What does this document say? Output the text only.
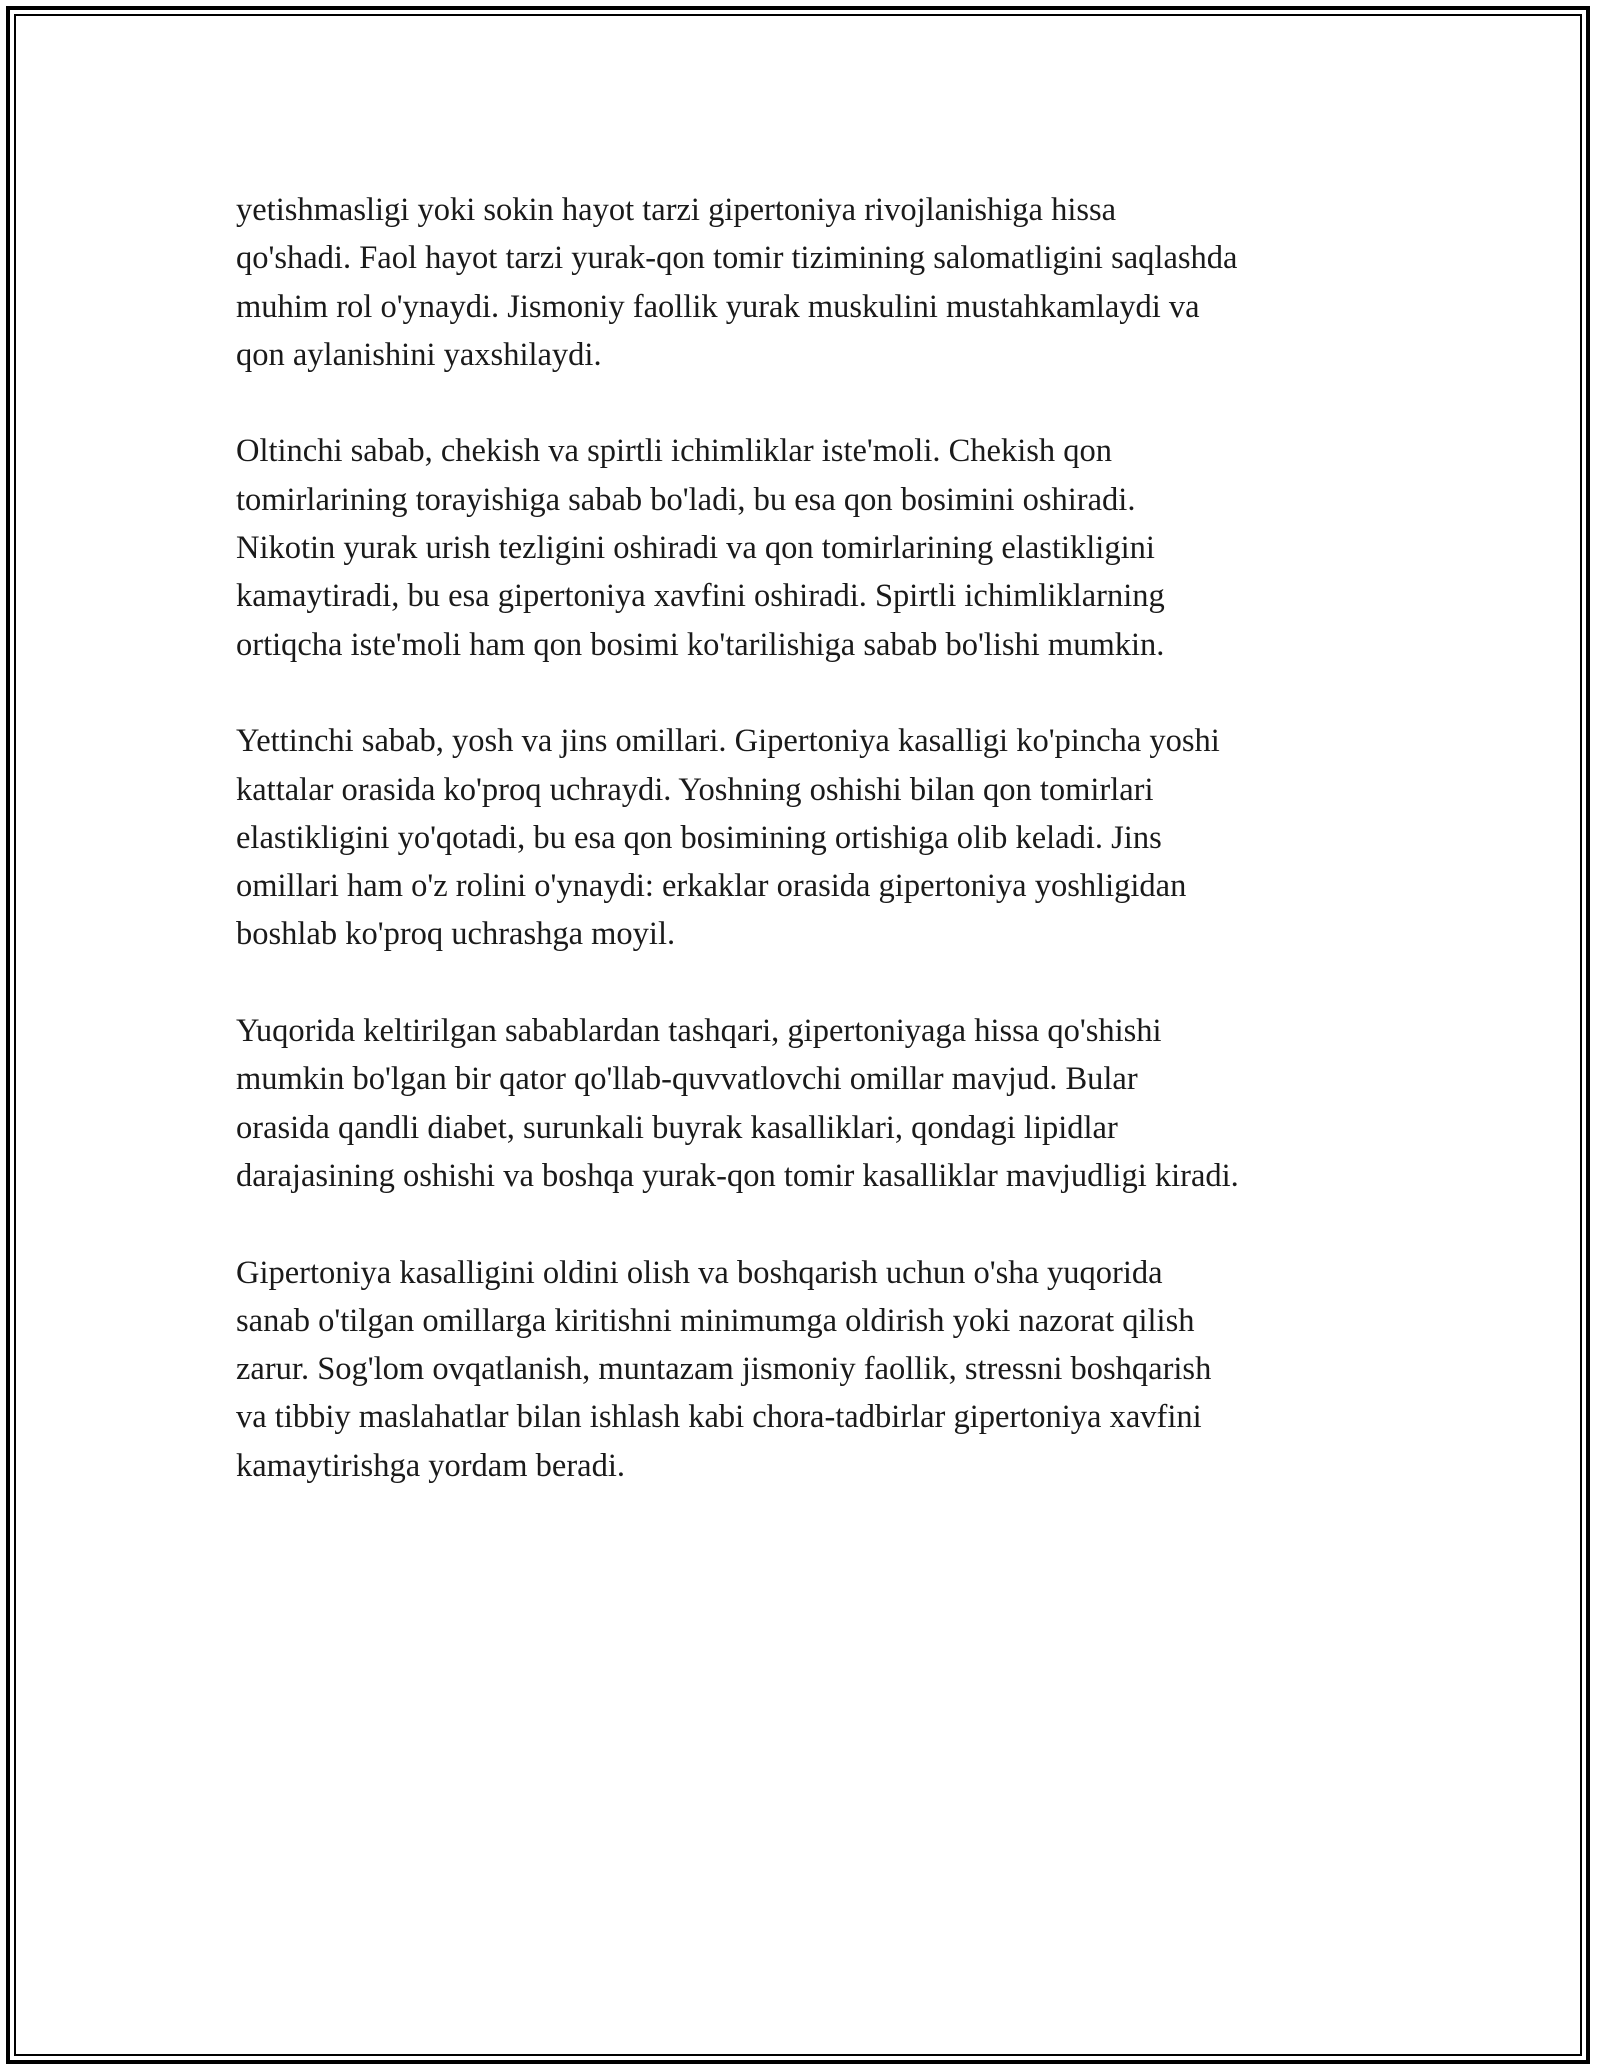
yetishmasligi yoki sokin hayot tarzi gipertoniya rivojlanishiga hissa
qo'shadi. Faol hayot tarzi yurak-qon tomir tizimining salomatligini saqlashda
muhim rol o'ynaydi. Jismoniy faollik yurak muskulini mustahkamlaydi va
qon aylanishini yaxshilaydi.

Oltinchi sabab, chekish va spirtli ichimliklar iste'moli. Chekish qon
tomirlarining torayishiga sabab bo'ladi, bu esa qon bosimini oshiradi.
Nikotin yurak urish tezligini oshiradi va qon tomirlarining elastikligini
kamaytiradi, bu esa gipertoniya xavfini oshiradi. Spirtli ichimliklarning
ortiqcha iste'moli ham qon bosimi ko'tarilishiga sabab bo'lishi mumkin.

Yettinchi sabab, yosh va jins omillari. Gipertoniya kasalligi ko'pincha yoshi
kattalar orasida ko'proq uchraydi. Yoshning oshishi bilan qon tomirlari
elastikligini yo'qotadi, bu esa qon bosimining ortishiga olib keladi. Jins
omillari ham o'z rolini o'ynaydi: erkaklar orasida gipertoniya yoshligidan
boshlab ko'proq uchrashga moyil.

Yuqorida keltirilgan sabablardan tashqari, gipertoniyaga hissa qo'shishi
mumkin bo'lgan bir qator qo'llab-quvvatlovchi omillar mavjud. Bular
orasida qandli diabet, surunkali buyrak kasalliklari, qondagi lipidlar
darajasining oshishi va boshqa yurak-qon tomir kasalliklar mavjudligi kiradi.

Gipertoniya kasalligini oldini olish va boshqarish uchun o'sha yuqorida
sanab o'tilgan omillarga kiritishni minimumga oldirish yoki nazorat qilish
zarur. Sog'lom ovqatlanish, muntazam jismoniy faollik, stressni boshqarish
va tibbiy maslahatlar bilan ishlash kabi chora-tadbirlar gipertoniya xavfini
kamaytirishga yordam beradi.
